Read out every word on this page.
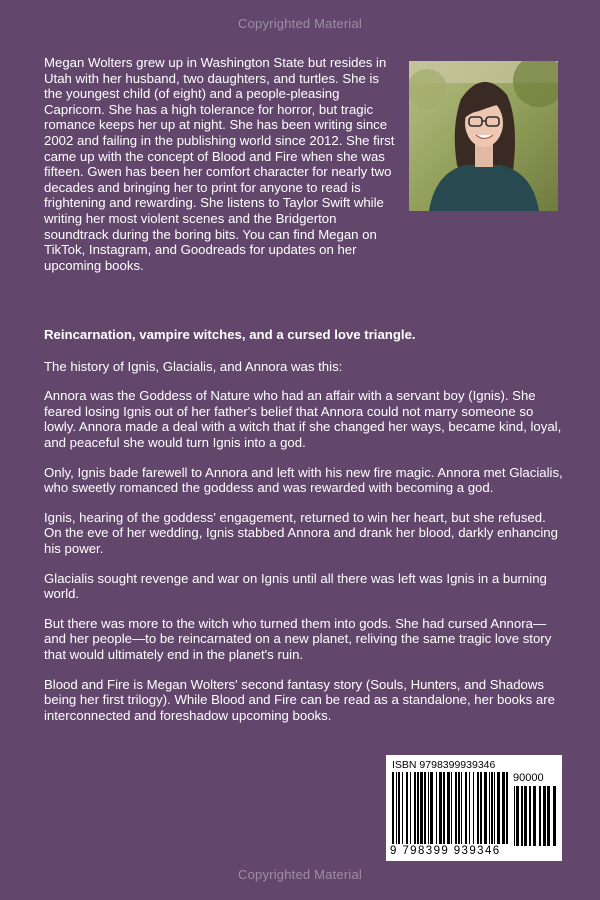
Copyrighted Material
Megan Wolters grew up in Washington State but resides in Utah with her husband, two daughters, and turtles. She is the youngest child (of eight) and a people-pleasing Capricorn. She has a high tolerance for horror, but tragic romance keeps her up at night. She has been writing since 2002 and failing in the publishing world since 2012. She first came up with the concept of Blood and Fire when she was fifteen. Gwen has been her comfort character for nearly two decades and bringing her to print for anyone to read is frightening and rewarding. She listens to Taylor Swift while writing her most violent scenes and the Bridgerton soundtrack during the boring bits. You can find Megan on TikTok, Instagram, and Goodreads for updates on her upcoming books.

Reincarnation, vampire witches, and a cursed love triangle.

The history of Ignis, Glacialis, and Annora was this:

Annora was the Goddess of Nature who had an affair with a servant boy (Ignis). She feared losing Ignis out of her father's belief that Annora could not marry someone so lowly. Annora made a deal with a witch that if she changed her ways, became kind, loyal, and peaceful she would turn Ignis into a god.

Only, Ignis bade farewell to Annora and left with his new fire magic. Annora met Glacialis, who sweetly romanced the goddess and was rewarded with becoming a god.

Ignis, hearing of the goddess' engagement, returned to win her heart, but she refused. On the eve of her wedding, Ignis stabbed Annora and drank her blood, darkly enhancing his power.

Glacialis sought revenge and war on Ignis until all there was left was Ignis in a burning world.

But there was more to the witch who turned them into gods. She had cursed Annora—and her people—to be reincarnated on a new planet, reliving the same tragic love story that would ultimately end in the planet's ruin.

Blood and Fire is Megan Wolters' second fantasy story (Souls, Hunters, and Shadows being her first trilogy). While Blood and Fire can be read as a standalone, her books are interconnected and foreshadow upcoming books.

ISBN 9798399939346
90000
9 798399 939346
Copyrighted Material
